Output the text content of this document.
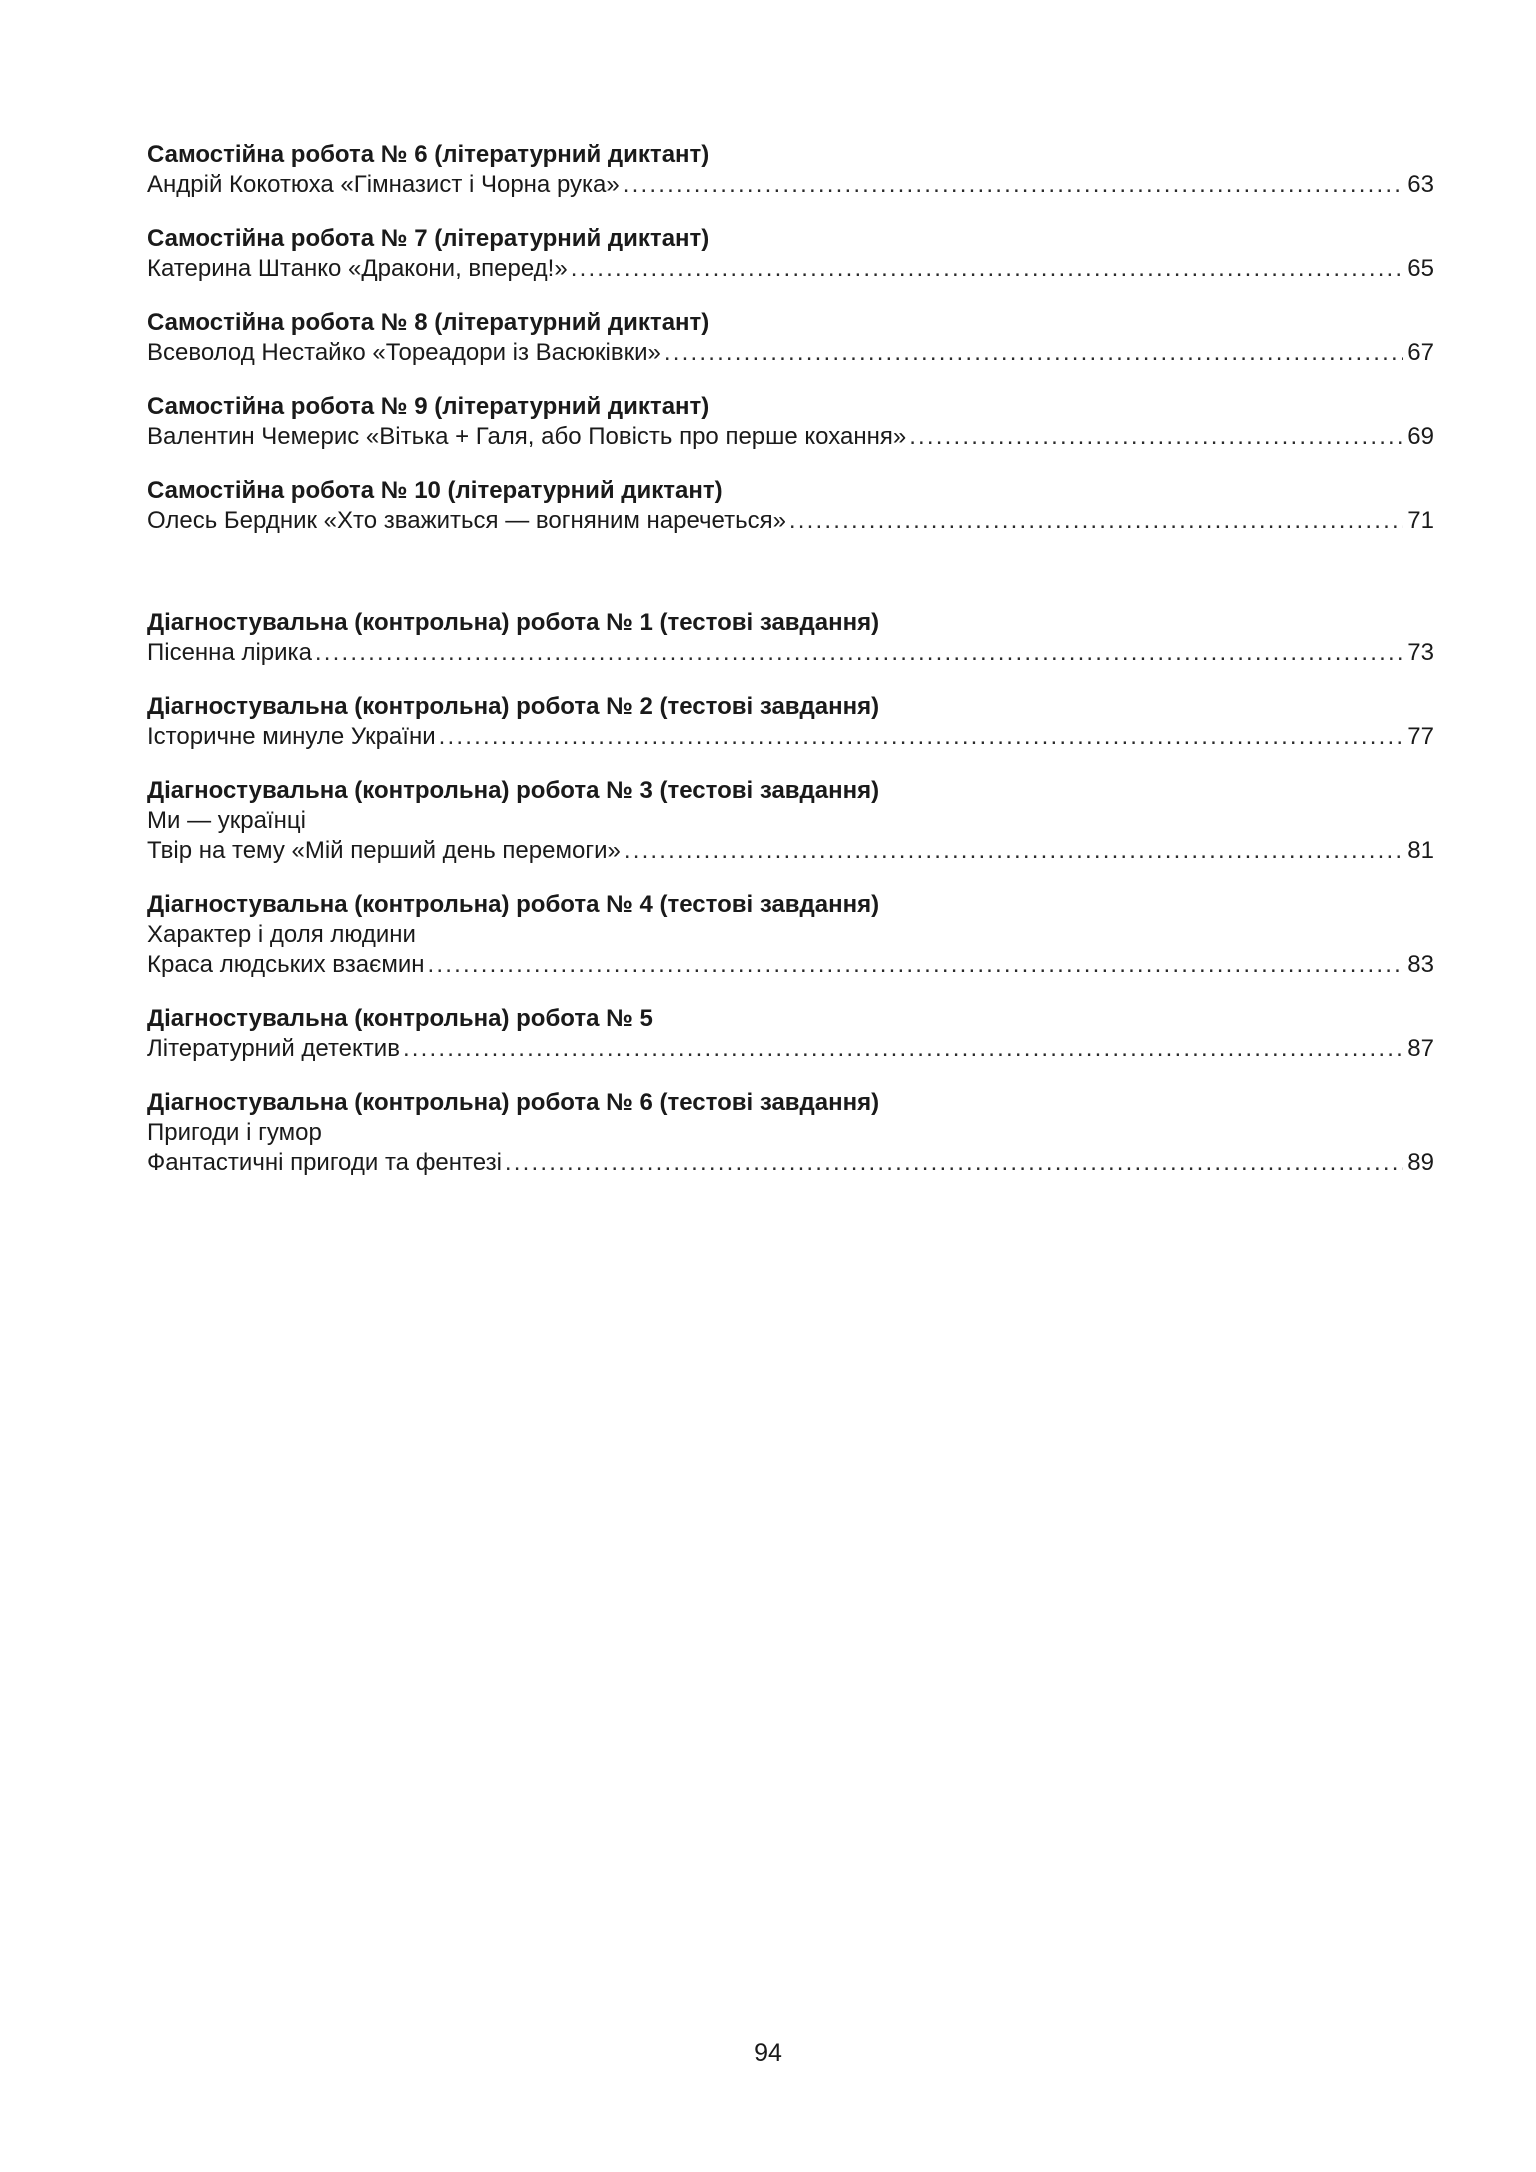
Самостійна робота № 6 (літературний диктант)
Андрій Кокотюха «Гімназист і Чорна рука» .....	63
Самостійна робота № 7 (літературний диктант)
Катерина Штанко «Дракони, вперед!» .....	65
Самостійна робота № 8 (літературний диктант)
Всеволод Нестайко «Тореадори із Васюківки» .....	67
Самостійна робота № 9 (літературний диктант)
Валентин Чемерис «Вітька + Галя, або Повість про перше кохання» .....	69
Самостійна робота № 10 (літературний диктант)
Олесь Бердник «Хто зважиться — вогняним наречеться» .....	71
Діагностувальна (контрольна) робота № 1 (тестові завдання)
Пісенна лірика .....	73
Діагностувальна (контрольна) робота № 2 (тестові завдання)
Історичне минуле України .....	77
Діагностувальна (контрольна) робота № 3 (тестові завдання)
Ми — українці
Твір на тему «Мій перший день перемоги» .....	81
Діагностувальна (контрольна) робота № 4 (тестові завдання)
Характер і доля людини
Краса людських взаємин .....	83
Діагностувальна (контрольна) робота № 5
Літературний детектив .....	87
Діагностувальна (контрольна) робота № 6 (тестові завдання)
Пригоди і гумор
Фантастичні пригоди та фентезі .....	89
94
